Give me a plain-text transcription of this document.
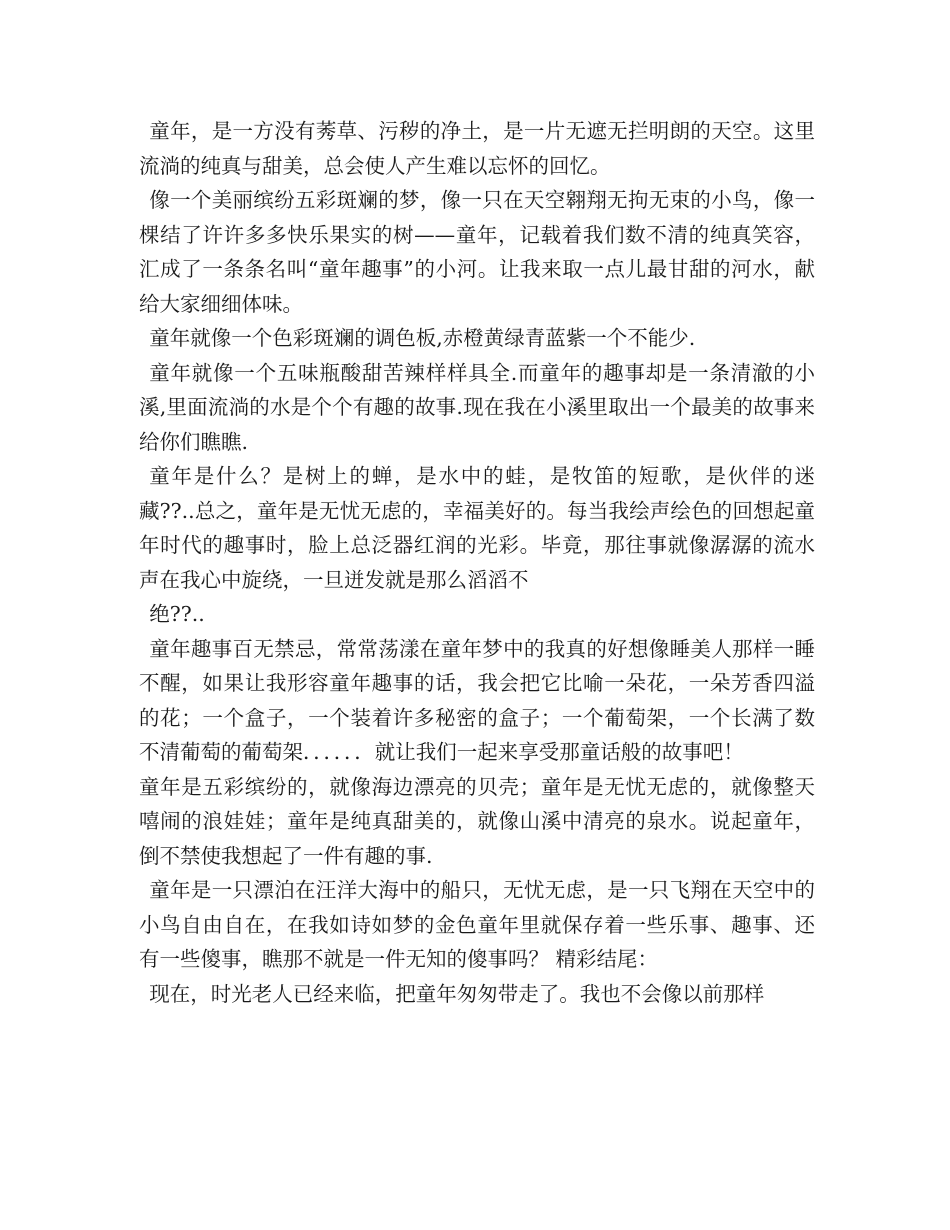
童年，是一方没有莠草、污秽的净土，是一片无遮无拦明朗的天空。这里流淌的纯真与甜美，总会使人产生难以忘怀的回忆。

像一个美丽缤纷五彩斑斓的梦，像一只在天空翱翔无拘无束的小鸟，像一棵结了许许多多快乐果实的树——童年，记载着我们数不清的纯真笑容，汇成了一条条名叫“童年趣事”的小河。让我来取一点儿最甘甜的河水，献给大家细细体味。

童年就像一个色彩斑斓的调色板,赤橙黄绿青蓝紫一个不能少.

童年就像一个五味瓶酸甜苦辣样样具全.而童年的趣事却是一条清澈的小溪,里面流淌的水是个个有趣的故事.现在我在小溪里取出一个最美的故事来给你们瞧瞧.

童年是什么？是树上的蝉，是水中的蛙，是牧笛的短歌，是伙伴的迷藏??..总之，童年是无忧无虑的，幸福美好的。每当我绘声绘色的回想起童年时代的趣事时，脸上总泛器红润的光彩。毕竟，那往事就像潺潺的流水声在我心中旋绕，一旦迸发就是那么滔滔不

绝??..

童年趣事百无禁忌，常常荡漾在童年梦中的我真的好想像睡美人那样一睡不醒，如果让我形容童年趣事的话，我会把它比喻一朵花，一朵芳香四溢的花；一个盒子，一个装着许多秘密的盒子；一个葡萄架，一个长满了数不清葡萄的葡萄架．．．．．．就让我们一起来享受那童话般的故事吧！

童年是五彩缤纷的，就像海边漂亮的贝壳；童年是无忧无虑的，就像整天嘻闹的浪娃娃；童年是纯真甜美的，就像山溪中清亮的泉水。说起童年，倒不禁使我想起了一件有趣的事.

童年是一只漂泊在汪洋大海中的船只，无忧无虑，是一只飞翔在天空中的小鸟自由自在，在我如诗如梦的金色童年里就保存着一些乐事、趣事、还有一些傻事，瞧那不就是一件无知的傻事吗？ 精彩结尾：

现在，时光老人已经来临，把童年匆匆带走了。我也不会像以前那样
